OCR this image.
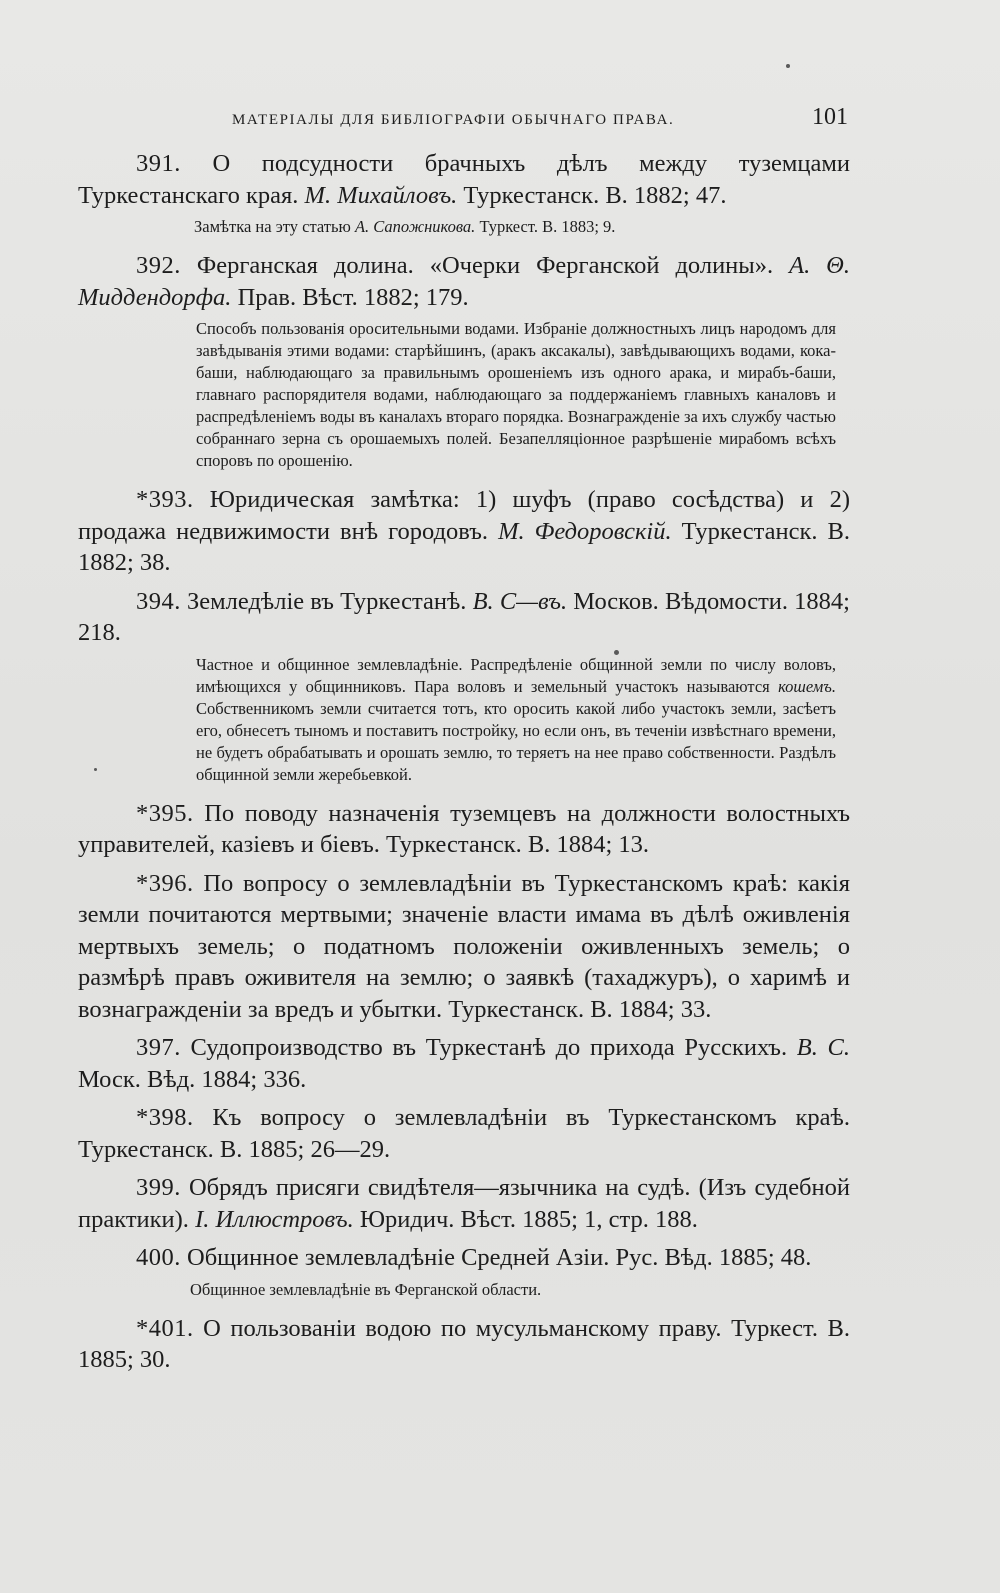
МАТЕРІАЛЫ ДЛЯ БИБЛІОГРАФІИ ОБЫЧНАГО ПРАВА.	101

391. О подсудности брачныхъ дѣлъ между туземцами Туркестанскаго края. М. Михайловъ. Туркестанск. В. 1882; 47.

Замѣтка на эту статью А. Сапожникова. Туркест. В. 1883; 9.

392. Ферганская долина. «Очерки Ферганской долины». А. Θ. Миддендорфа. Прав. Вѣст. 1882; 179.

Способъ пользованія оросительными водами. Избраніе должностныхъ лицъ народомъ для завѣдыванія этими водами: старѣйшинъ, (аракъ аксакалы), завѣдывающихъ водами, кока-баши, наблюдающаго за правильнымъ орошеніемъ изъ одного арака, и мирабъ-баши, главнаго распорядителя водами, наблюдающаго за поддержаніемъ главныхъ каналовъ и распредѣленіемъ воды въ каналахъ втораго порядка. Вознагражденіе за ихъ службу частью собраннаго зерна съ орошаемыхъ полей. Безапелляціонное разрѣшеніе мирабомъ всѣхъ споровъ по орошенію.

*393. Юридическая замѣтка: 1) шуфъ (право сосѣдства) и 2) продажа недвижимости внѣ городовъ. М. Федоровскій. Туркестанск. В. 1882; 38.

394. Земледѣліе въ Туркестанѣ. В. С—въ. Москов. Вѣдомости. 1884; 218.

Частное и общинное землевладѣніе. Распредѣленіе общинной земли по числу воловъ, имѣющихся у общинниковъ. Пара воловъ и земельный участокъ называются кошемъ. Собственникомъ земли считается тотъ, кто оросить какой либо участокъ земли, засѣетъ его, обнесетъ тыномъ и поставитъ постройку, но если онъ, въ теченіи извѣстнаго времени, не будетъ обрабатывать и орошать землю, то теряетъ на нее право собственности. Раздѣлъ общинной земли жеребьевкой.

*395. По поводу назначенія туземцевъ на должности волостныхъ управителей, казіевъ и біевъ. Туркестанск. В. 1884; 13.

*396. По вопросу о землевладѣніи въ Туркестанскомъ краѣ: какія земли почитаются мертвыми; значеніе власти имама въ дѣлѣ оживленія мертвыхъ земель; о податномъ положеніи оживленныхъ земель; о размѣрѣ правъ оживителя на землю; о заявкѣ (тахаджуръ), о харимѣ и вознагражденіи за вредъ и убытки. Туркестанск. В. 1884; 33.

397. Судопроизводство въ Туркестанѣ до прихода Русскихъ. В. С. Моск. Вѣд. 1884; 336.

*398. Къ вопросу о землевладѣніи въ Туркестанскомъ краѣ. Туркестанск. В. 1885; 26—29.

399. Обрядъ присяги свидѣтеля—язычника на судѣ. (Изъ судебной практики). І. Иллюстровъ. Юридич. Вѣст. 1885; 1, стр. 188.

400. Общинное землевладѣніе Средней Азіи. Рус. Вѣд. 1885; 48.

Общинное землевладѣніе въ Ферганской области.

*401. О пользованіи водою по мусульманскому праву. Туркест. В. 1885; 30.
